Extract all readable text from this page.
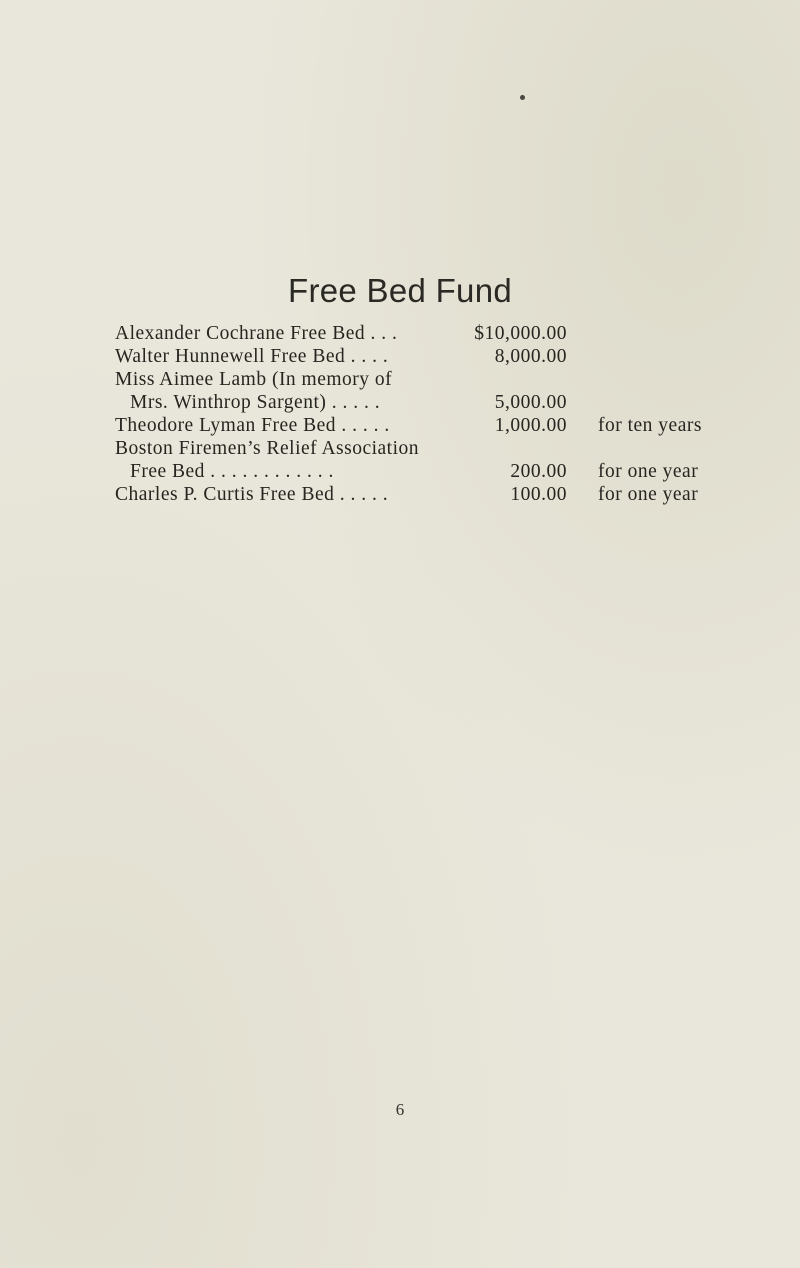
Free Bed Fund
Alexander Cochrane Free Bed . . .	$10,000.00
Walter Hunnewell Free Bed . . . .	8,000.00
Miss Aimee Lamb (In memory of
Mrs. Winthrop Sargent) . . . . .	5,000.00
Theodore Lyman Free Bed . . . . .	1,000.00 for ten years
Boston Firemen’s Relief Association
Free Bed . . . . . . . . . . . .	200.00 for one year
Charles P. Curtis Free Bed . . . . .	100.00 for one year
6
